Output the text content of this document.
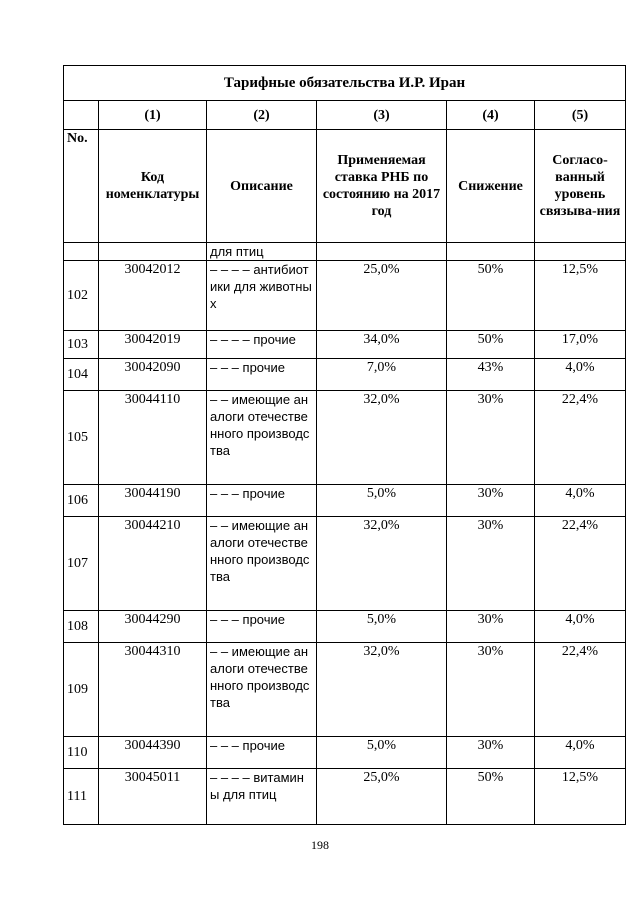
Тарифные обязательства И.Р. Иран					
	(1)	(2)	(3)	(4)	(5)
No.	Код номенклатуры	Описание	Применяемая ставка РНБ по состоянию на 2017 год	Снижение	Согласо-ванный уровень связыва-ния
		для птиц			
102	30042012	– – – – антибиотики для животных	25,0%	50%	12,5%
103	30042019	– – – – прочие	34,0%	50%	17,0%
104	30042090	– – – прочие	7,0%	43%	4,0%
105	30044110	– – имеющие аналоги отечественного производства	32,0%	30%	22,4%
106	30044190	– – – прочие	5,0%	30%	4,0%
107	30044210	– – имеющие аналоги отечественного производства	32,0%	30%	22,4%
108	30044290	– – – прочие	5,0%	30%	4,0%
109	30044310	– – имеющие аналоги отечественного производства	32,0%	30%	22,4%
110	30044390	– – – прочие	5,0%	30%	4,0%
111	30045011	– – – – витамины для птиц	25,0%	50%	12,5%
198
